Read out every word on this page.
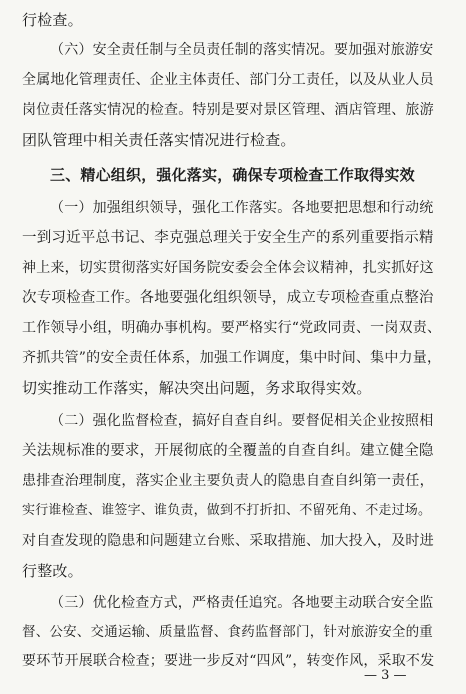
行检查。
（六）安全责任制与全员责任制的落实情况。要加强对旅游安
全属地化管理责任、企业主体责任、部门分工责任，以及从业人员
岗位责任落实情况的检查。特别是要对景区管理、酒店管理、旅游
团队管理中相关责任落实情况进行检查。
三、精心组织，强化落实，确保专项检查工作取得实效
（一）加强组织领导，强化工作落实。各地要把思想和行动统
一到习近平总书记、李克强总理关于安全生产的系列重要指示精
神上来，切实贯彻落实好国务院安委会全体会议精神，扎实抓好这
次专项检查工作。各地要强化组织领导，成立专项检查重点整治
工作领导小组，明确办事机构。要严格实行“党政同责、一岗双责、
齐抓共管”的安全责任体系，加强工作调度，集中时间、集中力量，
切实推动工作落实，解决突出问题，务求取得实效。
（二）强化监督检查，搞好自查自纠。要督促相关企业按照相
关法规标准的要求，开展彻底的全覆盖的自查自纠。建立健全隐
患排查治理制度，落实企业主要负责人的隐患自查自纠第一责任，
实行谁检查、谁签字、谁负责，做到不打折扣、不留死角、不走过场。
对自查发现的隐患和问题建立台账、采取措施、加大投入，及时进
行整改。
（三）优化检查方式，严格责任追究。各地要主动联合安全监
督、公安、交通运输、质量监督、食药监督部门，针对旅游安全的重
要环节开展联合检查；要进一步反对“四风”，转变作风，采取不发
— 3 —
